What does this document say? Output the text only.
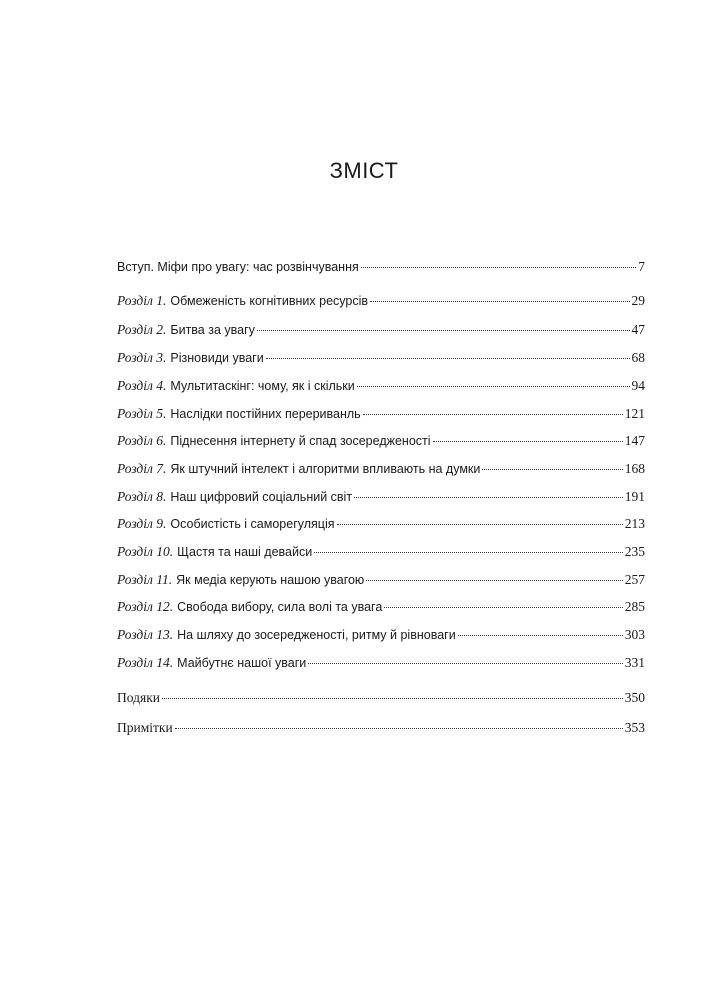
ЗМІСТ
Вступ. Міфи про увагу: час розвінчування	7
Розділ 1. Обмеженість когнітивних ресурсів	29
Розділ 2. Битва за увагу	47
Розділ 3. Різновиди уваги	68
Розділ 4. Мультитаскінг: чому, як і скільки	94
Розділ 5. Наслідки постійних перериванль	121
Розділ 6. Піднесення інтернету й спад зосередженості	147
Розділ 7. Як штучний інтелект і алгоритми впливають на думки	168
Розділ 8. Наш цифровий соціальний світ	191
Розділ 9. Особистість і саморегуляція	213
Розділ 10. Щастя та наші девайси	235
Розділ 11. Як медіа керують нашою увагою	257
Розділ 12. Свобода вибору, сила волі та увага	285
Розділ 13. На шляху до зосередженості, ритму й рівноваги	303
Розділ 14. Майбутнє нашої уваги	331
Подяки	350
Примітки	353
